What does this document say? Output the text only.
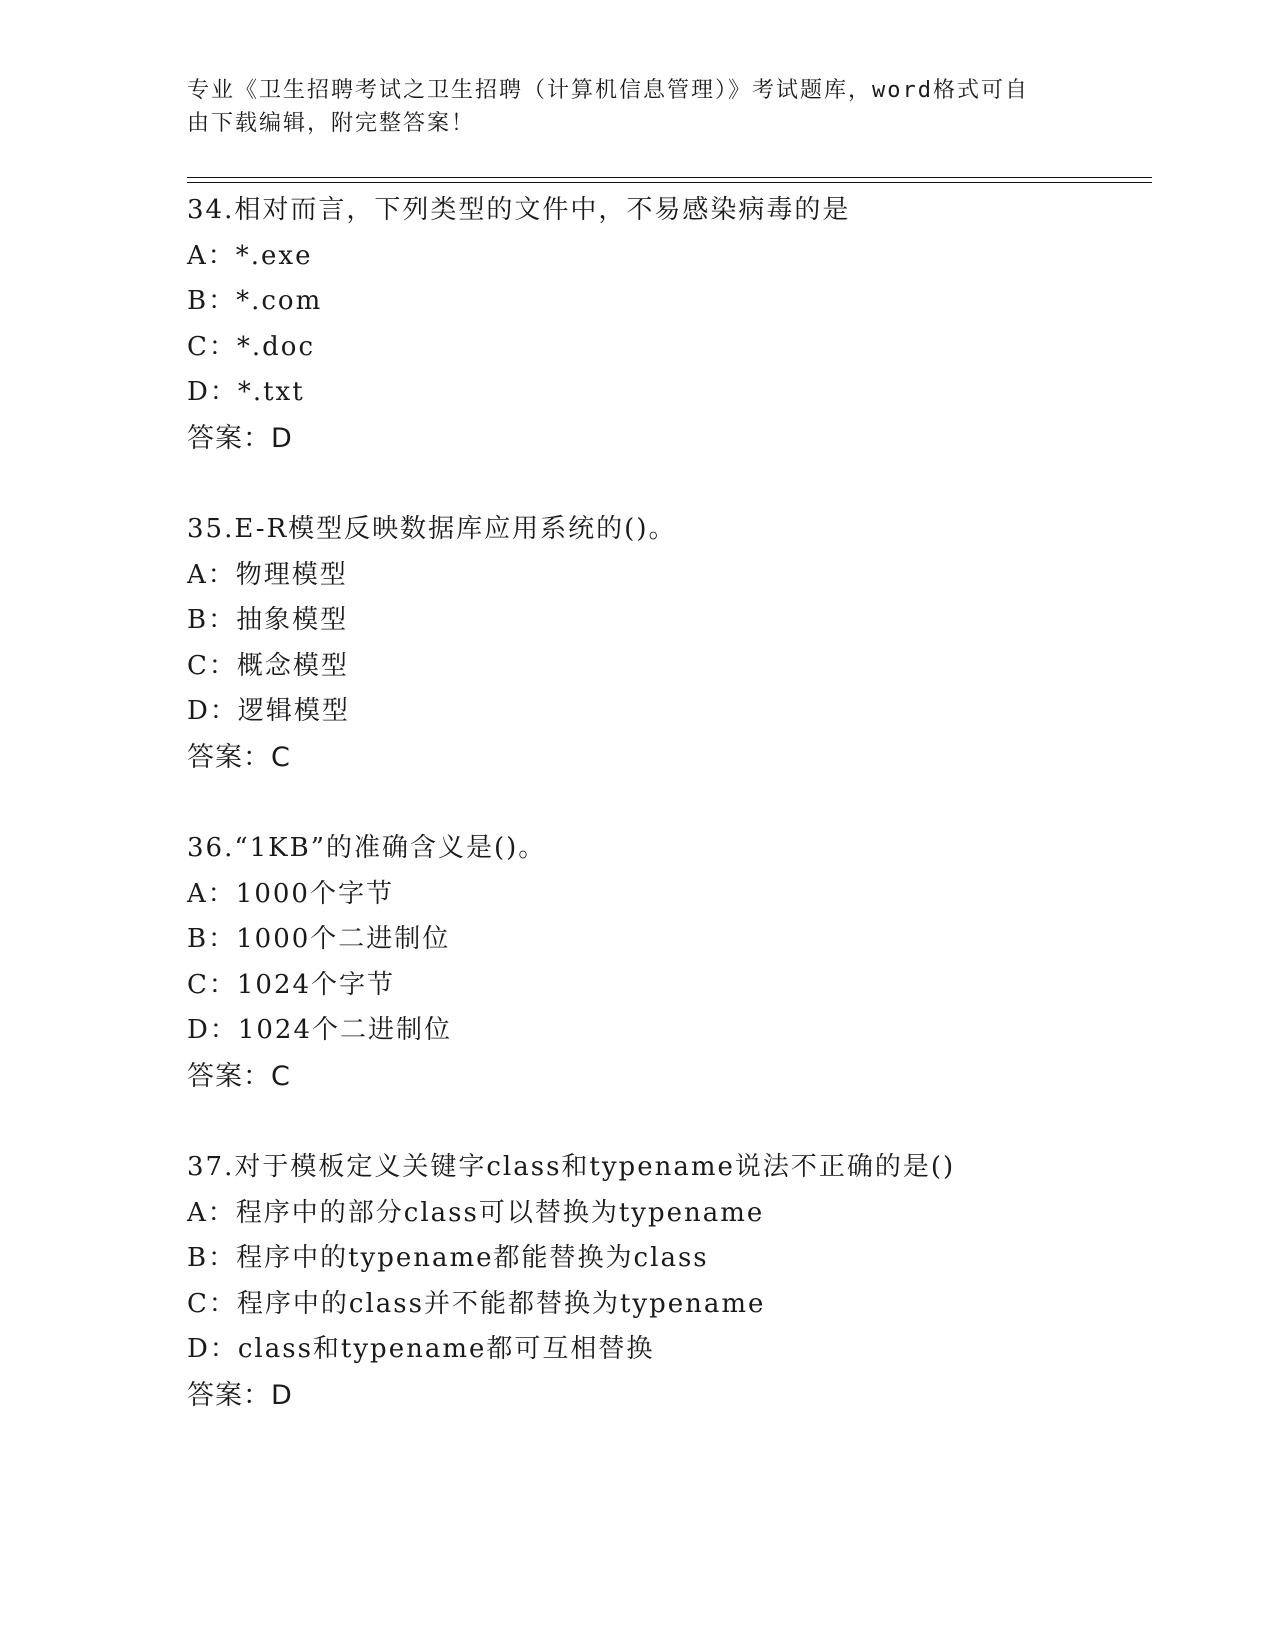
专业《卫生招聘考试之卫生招聘（计算机信息管理）》考试题库，word格式可自
由下载编辑，附完整答案！
34.相对而言，下列类型的文件中，不易感染病毒的是
A：*.exe
B：*.com
C：*.doc
D：*.txt
答案：D
35.E-R模型反映数据库应用系统的()。
A：物理模型
B：抽象模型
C：概念模型
D：逻辑模型
答案：C
36.“1KB”的准确含义是()。
A：1000个字节
B：1000个二进制位
C：1024个字节
D：1024个二进制位
答案：C
37.对于模板定义关键字class和typename说法不正确的是()
A：程序中的部分class可以替换为typename
B：程序中的typename都能替换为class
C：程序中的class并不能都替换为typename
D：class和typename都可互相替换
答案：D
